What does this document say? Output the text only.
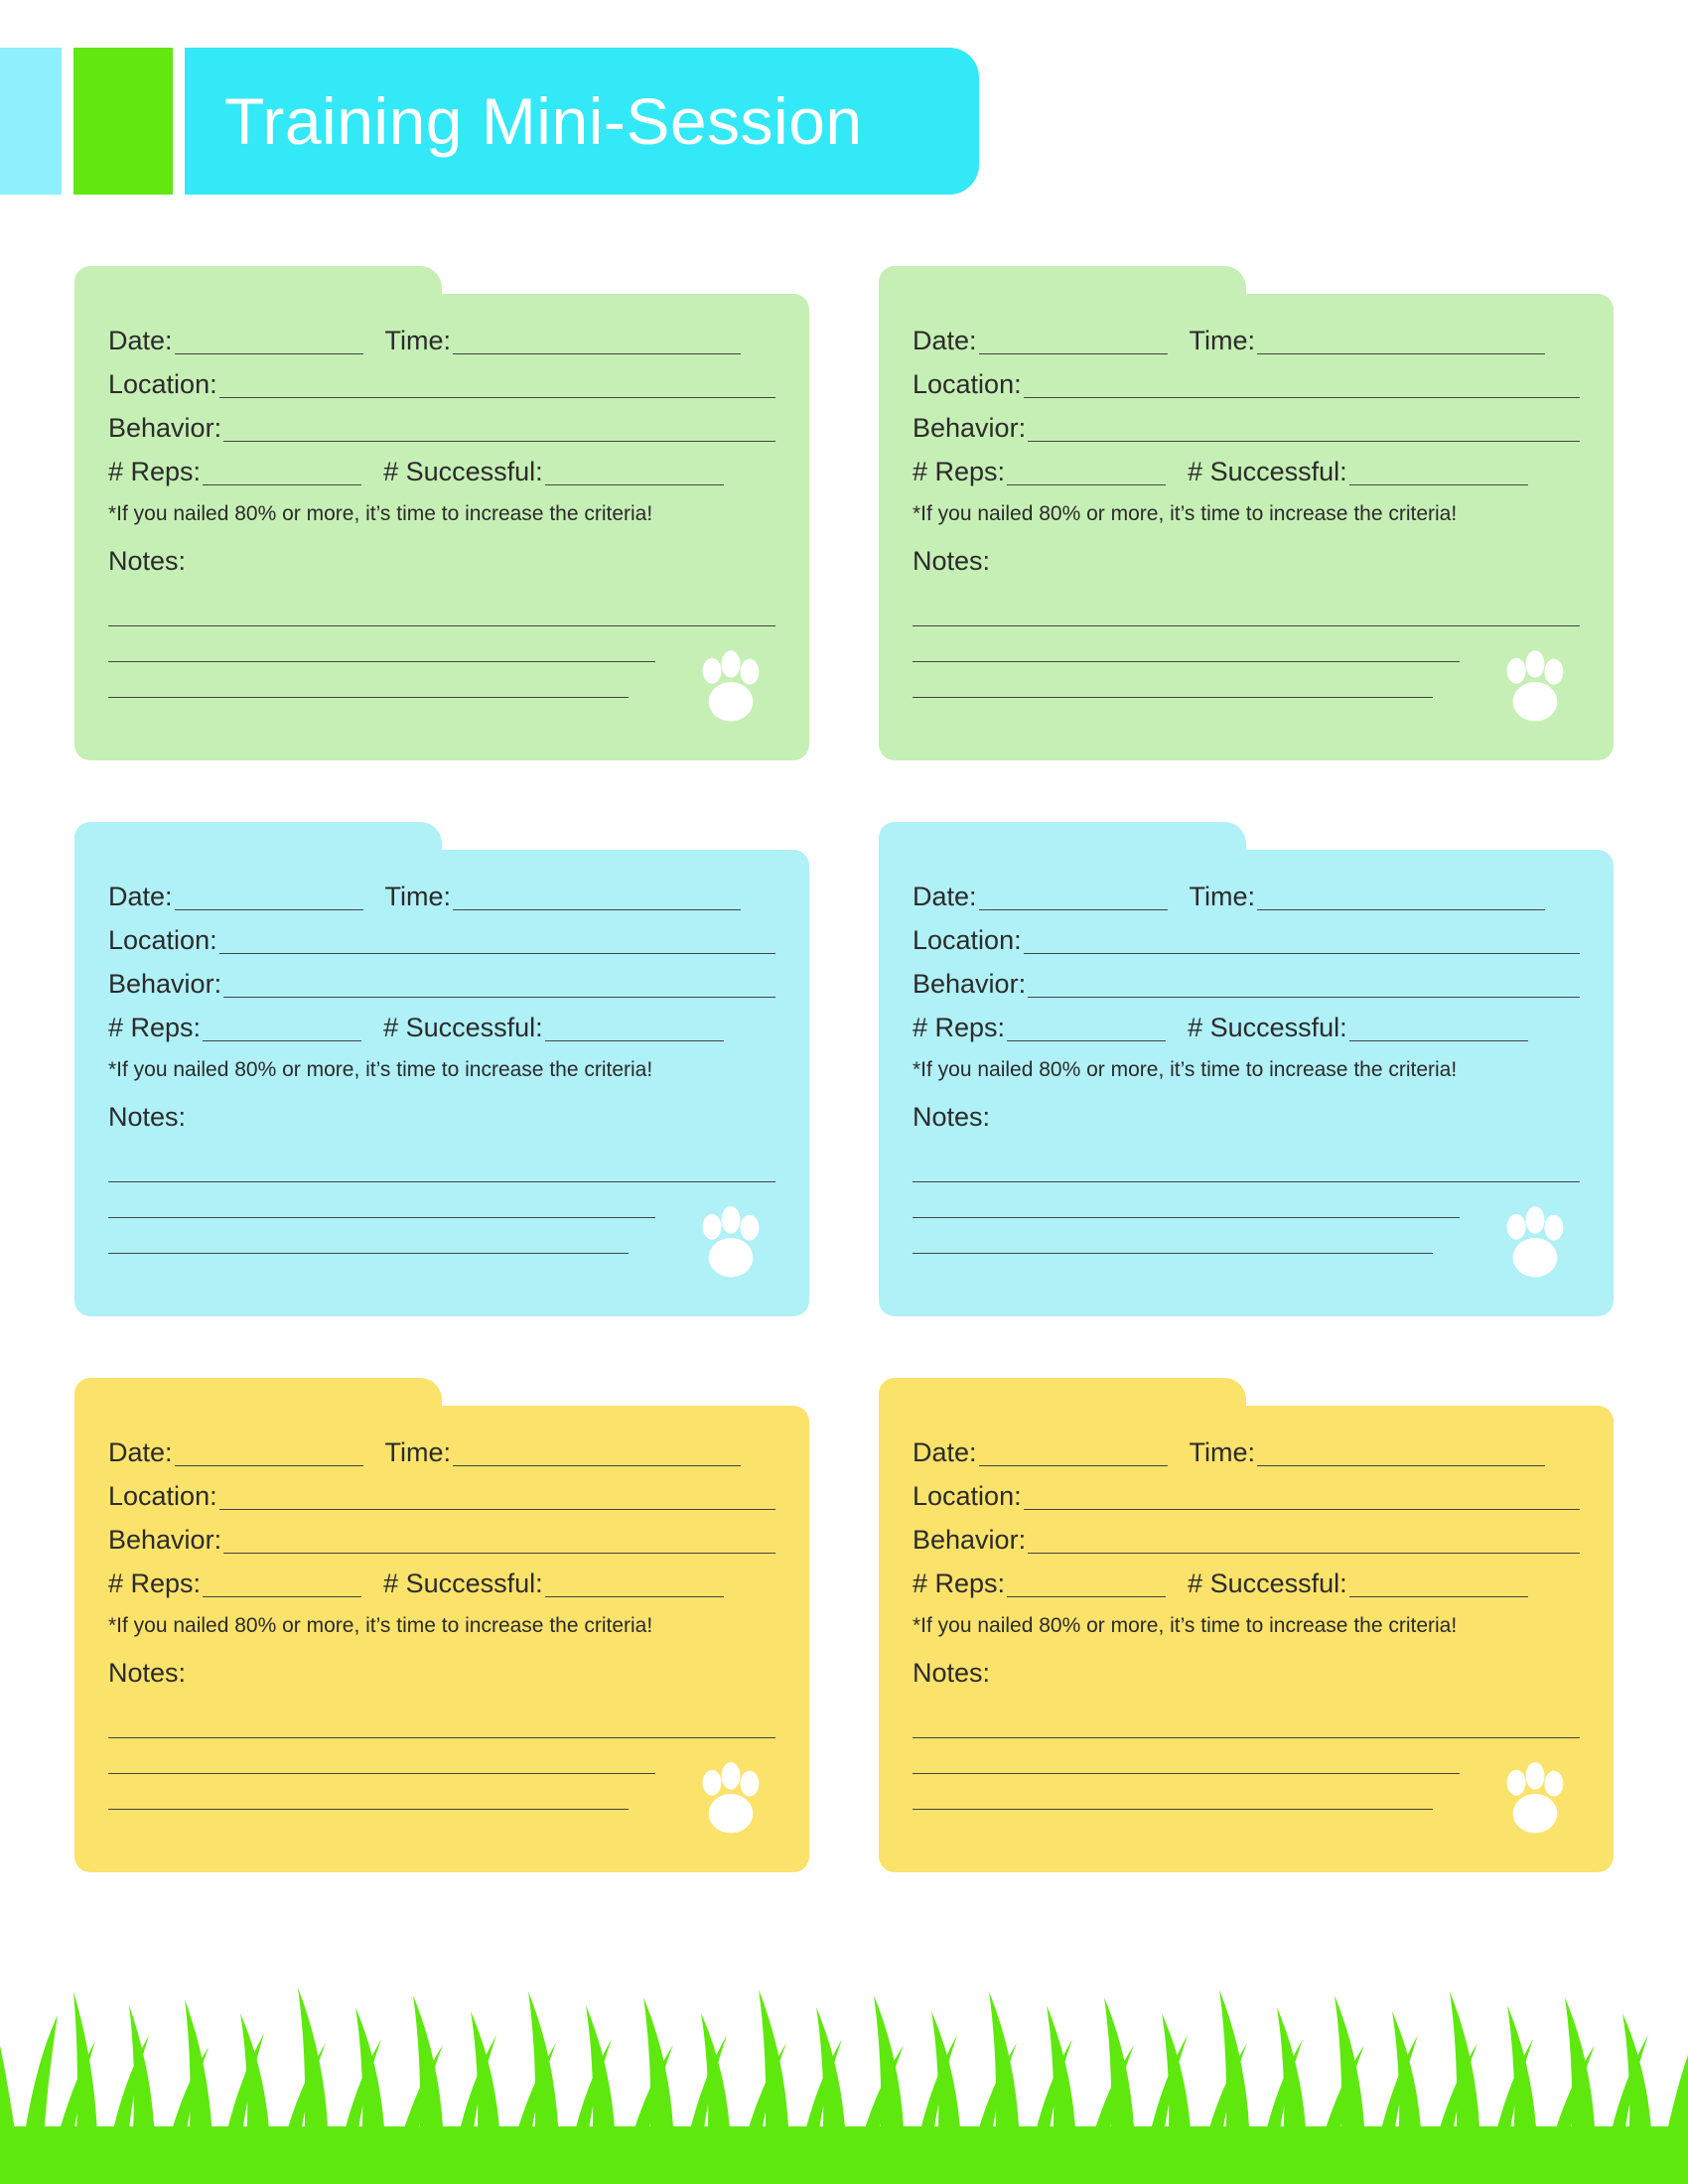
Training Mini-Session
Date:	Time:
Location:
Behavior:
# Reps:	# Successful:
*If you nailed 80% or more, it’s time to increase the criteria!
Notes:
Date:	Time:
Location:
Behavior:
# Reps:	# Successful:
*If you nailed 80% or more, it’s time to increase the criteria!
Notes:
Date:	Time:
Location:
Behavior:
# Reps:	# Successful:
*If you nailed 80% or more, it’s time to increase the criteria!
Notes:
Date:	Time:
Location:
Behavior:
# Reps:	# Successful:
*If you nailed 80% or more, it’s time to increase the criteria!
Notes:
Date:	Time:
Location:
Behavior:
# Reps:	# Successful:
*If you nailed 80% or more, it’s time to increase the criteria!
Notes:
Date:	Time:
Location:
Behavior:
# Reps:	# Successful:
*If you nailed 80% or more, it’s time to increase the criteria!
Notes:
